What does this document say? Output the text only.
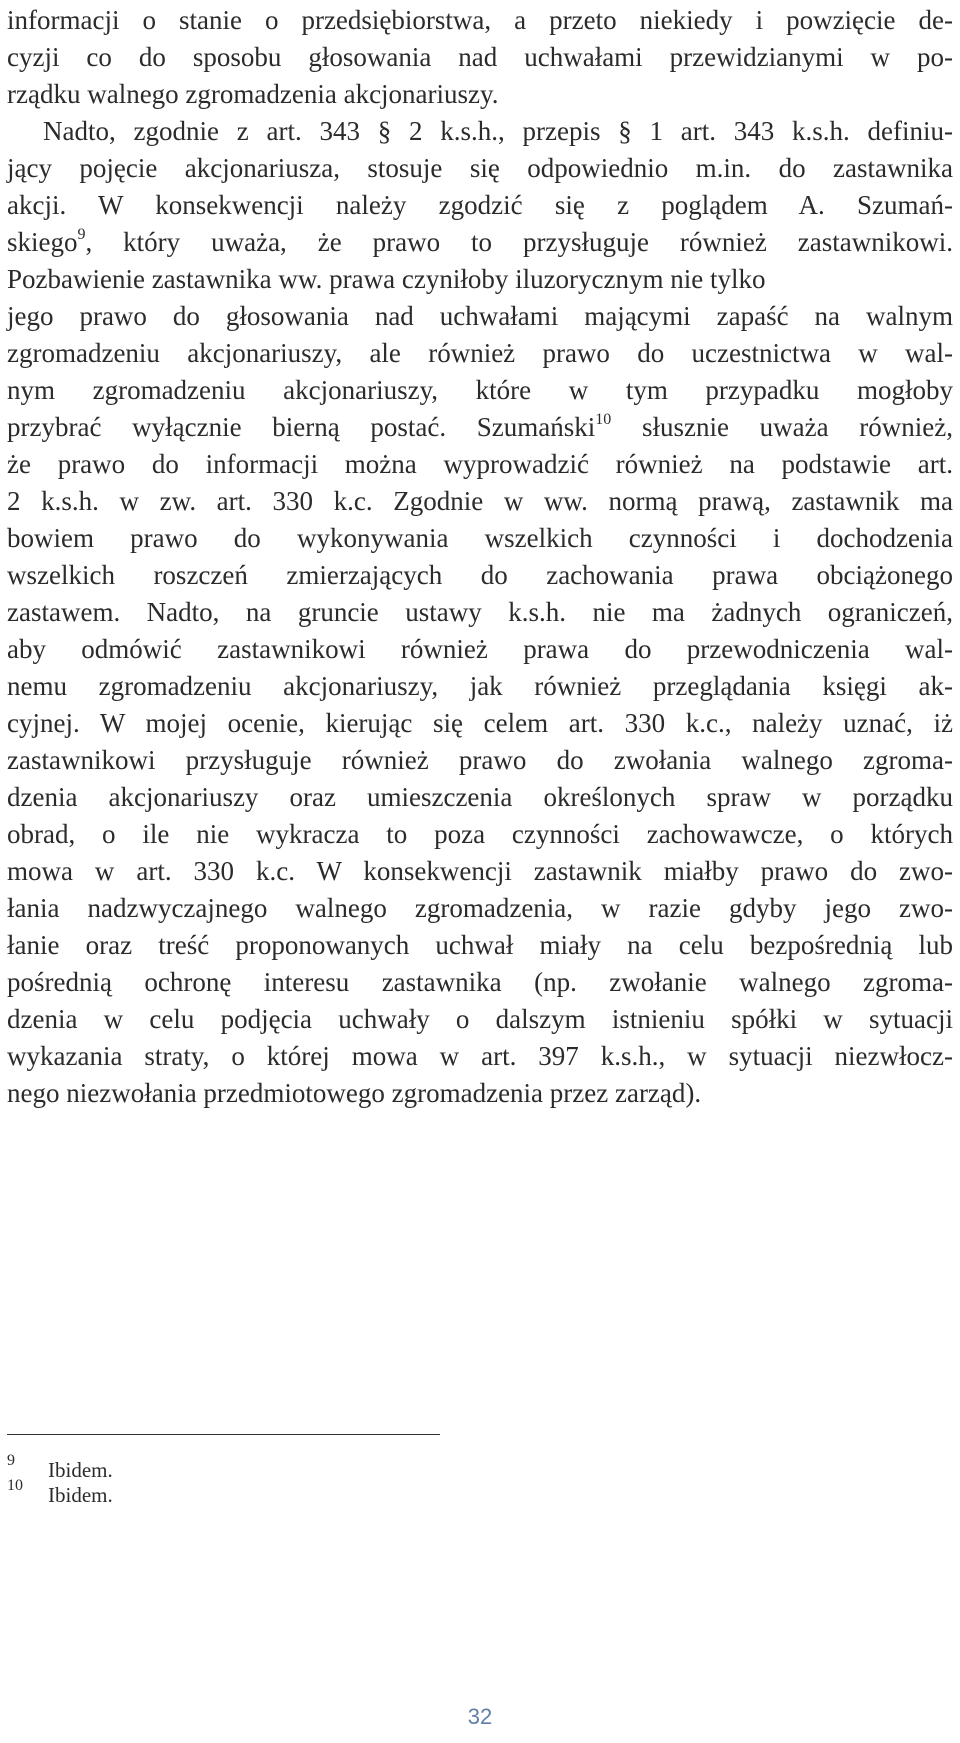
informacji o stanie o przedsiębiorstwa, a przeto niekiedy i powzięcie de-
cyzji co do sposobu głosowania nad uchwałami przewidzianymi w po-
rządku walnego zgromadzenia akcjonariuszy.
Nadto, zgodnie z art. 343 § 2 k.s.h., przepis § 1 art. 343 k.s.h. definiu-
jący pojęcie akcjonariusza, stosuje się odpowiednio m.in. do zastawnika
akcji. W konsekwencji należy zgodzić się z poglądem A. Szumań-
skiego$^9$, który uważa, że prawo to przysługuje również zastawnikowi.
Pozbawienie zastawnika ww. prawa czyniłoby iluzorycznym nie tylko
jego prawo do głosowania nad uchwałami mającymi zapaść na walnym
zgromadzeniu akcjonariuszy, ale również prawo do uczestnictwa w wal-
nym zgromadzeniu akcjonariuszy, które w tym przypadku mogłoby
przybrać wyłącznie bierną postać. Szumański$^{10}$ słusznie uważa również,
że prawo do informacji można wyprowadzić również na podstawie art.
2 k.s.h. w zw. art. 330 k.c. Zgodnie w ww. normą prawą, zastawnik ma
bowiem prawo do wykonywania wszelkich czynności i dochodzenia
wszelkich roszczeń zmierzających do zachowania prawa obciążonego
zastawem. Nadto, na gruncie ustawy k.s.h. nie ma żadnych ograniczeń,
aby odmówić zastawnikowi również prawa do przewodniczenia wal-
nemu zgromadzeniu akcjonariuszy, jak również przeglądania księgi ak-
cyjnej. W mojej ocenie, kierując się celem art. 330 k.c., należy uznać, iż
zastawnikowi przysługuje również prawo do zwołania walnego zgroma-
dzenia akcjonariuszy oraz umieszczenia określonych spraw w porządku
obrad, o ile nie wykracza to poza czynności zachowawcze, o których
mowa w art. 330 k.c. W konsekwencji zastawnik miałby prawo do zwo-
łania nadzwyczajnego walnego zgromadzenia, w razie gdyby jego zwo-
łanie oraz treść proponowanych uchwał miały na celu bezpośrednią lub
pośrednią ochronę interesu zastawnika (np. zwołanie walnego zgroma-
dzenia w celu podjęcia uchwały o dalszym istnieniu spółki w sytuacji
wykazania straty, o której mowa w art. 397 k.s.h., w sytuacji niezwłocz-
nego niezwołania przedmiotowego zgromadzenia przez zarząd).
9 Ibidem.
10 Ibidem.
32
